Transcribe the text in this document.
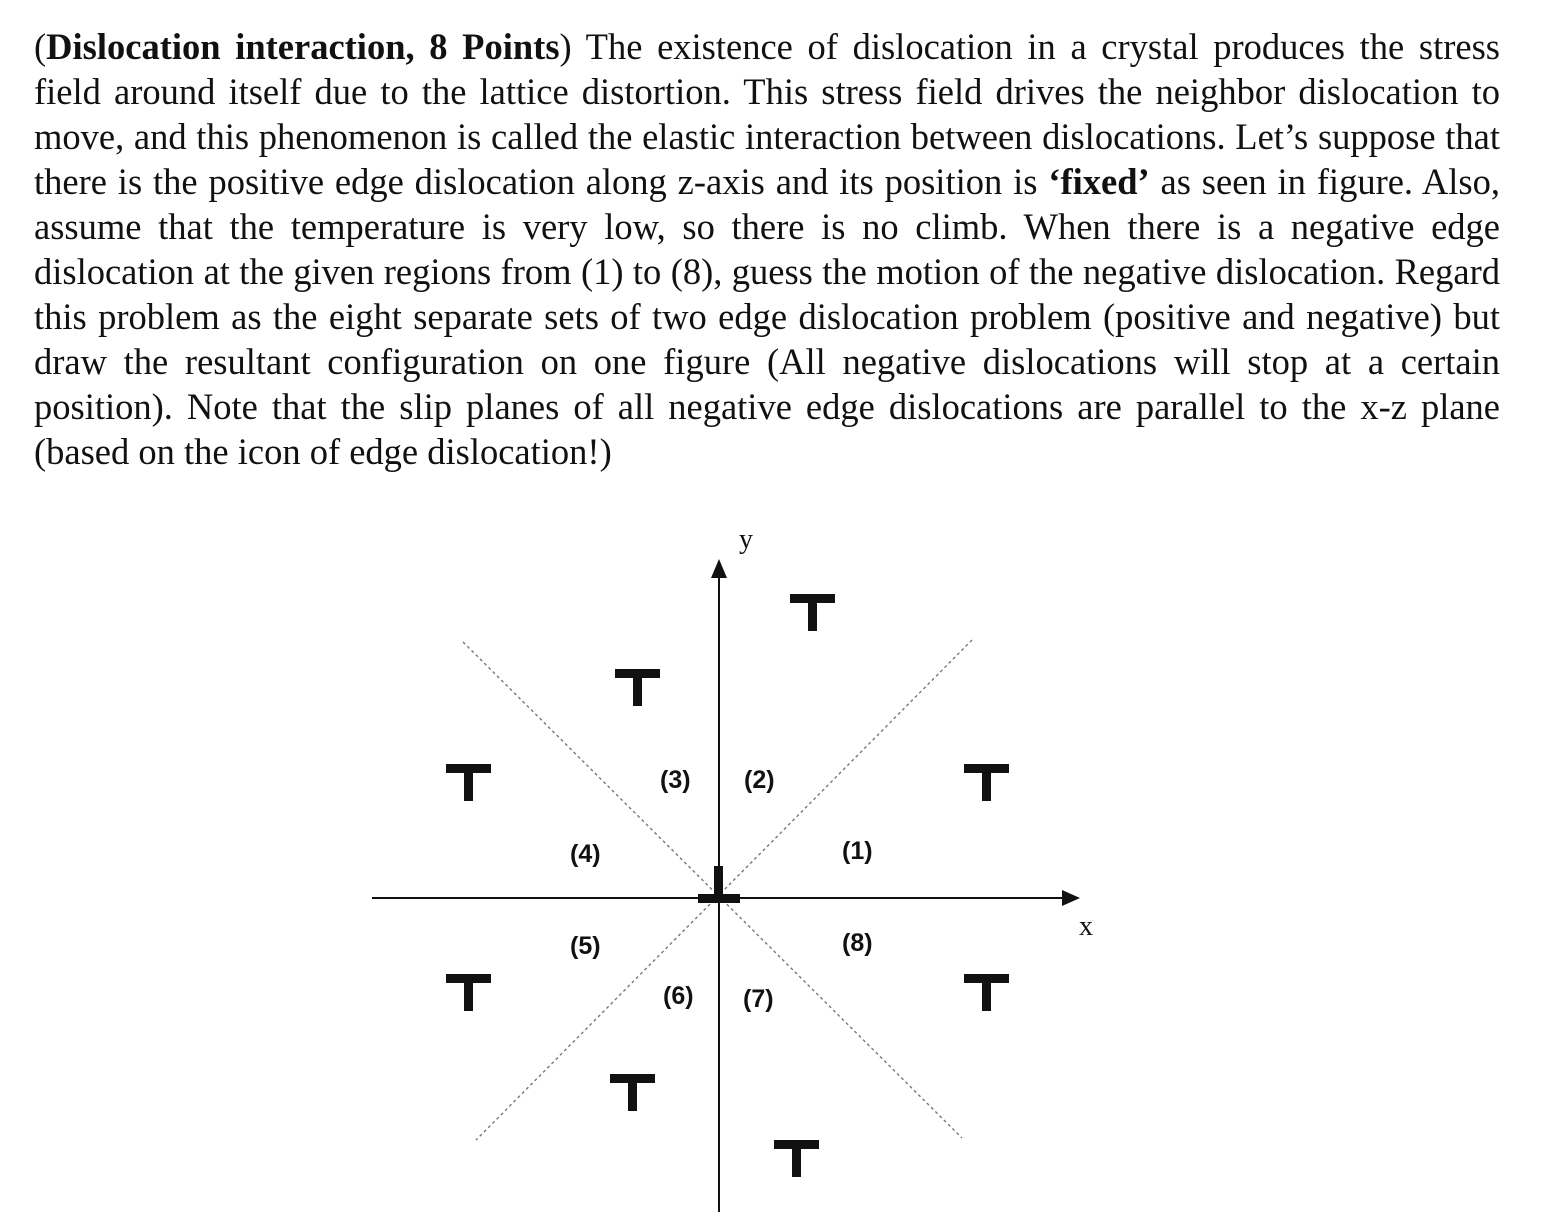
(Dislocation interaction, 8 Points) The existence of dislocation in a crystal produces the stress field around itself due to the lattice distortion. This stress field drives the neighbor dislocation to move, and this phenomenon is called the elastic interaction between dislocations. Let’s suppose that there is the positive edge dislocation along z-axis and its position is ‘fixed’ as seen in figure. Also, assume that the temperature is very low, so there is no climb. When there is a negative edge dislocation at the given regions from (1) to (8), guess the motion of the negative dislocation. Regard this problem as the eight separate sets of two edge dislocation problem (positive and negative) but draw the resultant configuration on one figure (All negative dislocations will stop at a certain position). Note that the slip planes of all negative edge dislocations are parallel to the x-z plane (based on the icon of edge dislocation!)

y
x
(1)
(2)
(3)
(4)
(5)
(6) (7)
(8)
